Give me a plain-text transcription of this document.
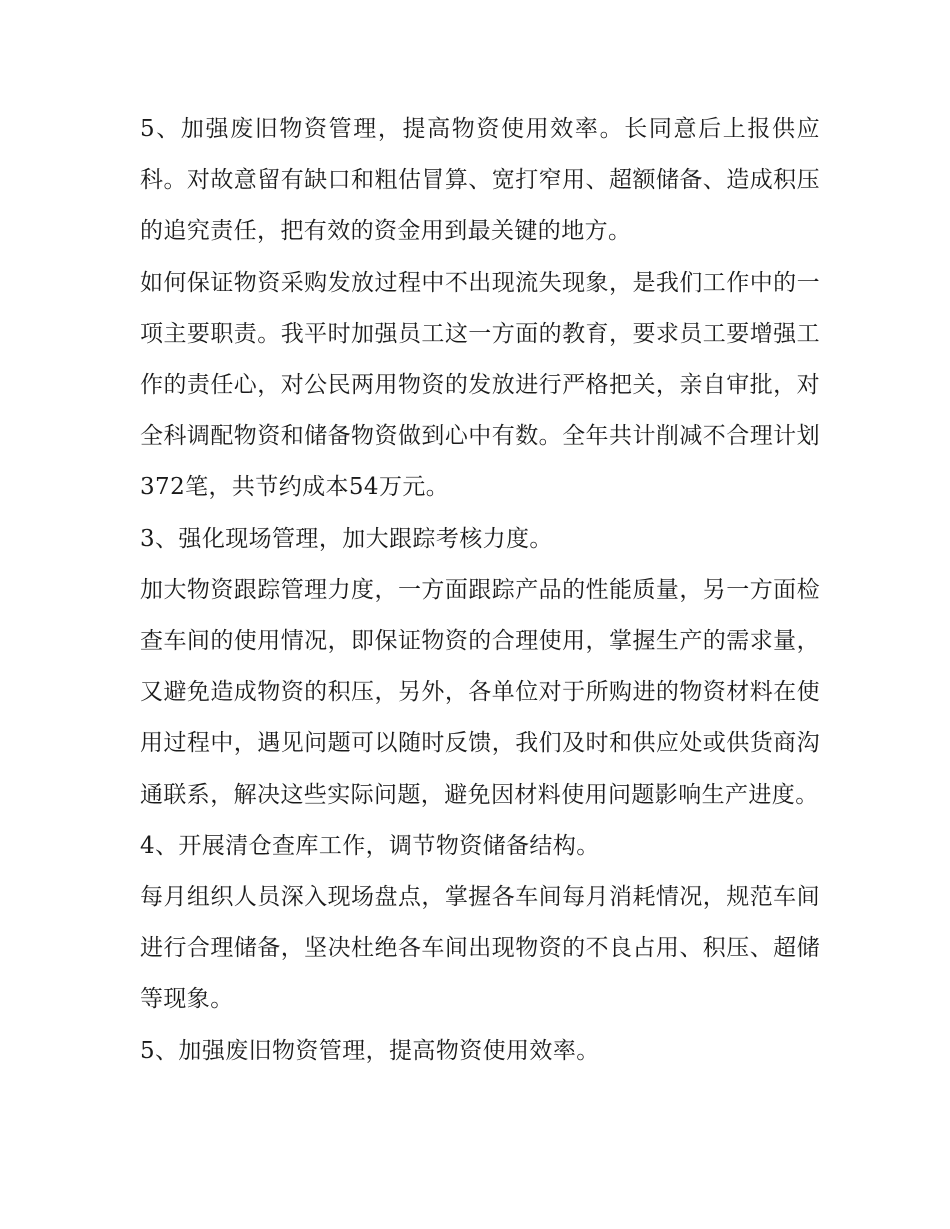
5、加强废旧物资管理，提高物资使用效率。长同意后上报供应科。对故意留有缺口和粗估冒算、宽打窄用、超额储备、造成积压的追究责任，把有效的资金用到最关键的地方。

如何保证物资采购发放过程中不出现流失现象，是我们工作中的一项主要职责。我平时加强员工这一方面的教育，要求员工要增强工作的责任心，对公民两用物资的发放进行严格把关，亲自审批，对全科调配物资和储备物资做到心中有数。全年共计削减不合理计划372笔，共节约成本54万元。

3、强化现场管理，加大跟踪考核力度。

加大物资跟踪管理力度，一方面跟踪产品的性能质量，另一方面检查车间的使用情况，即保证物资的合理使用，掌握生产的需求量，又避免造成物资的积压，另外，各单位对于所购进的物资材料在使用过程中，遇见问题可以随时反馈，我们及时和供应处或供货商沟通联系，解决这些实际问题，避免因材料使用问题影响生产进度。

4、开展清仓查库工作，调节物资储备结构。

每月组织人员深入现场盘点，掌握各车间每月消耗情况，规范车间进行合理储备，坚决杜绝各车间出现物资的不良占用、积压、超储等现象。

5、加强废旧物资管理，提高物资使用效率。
